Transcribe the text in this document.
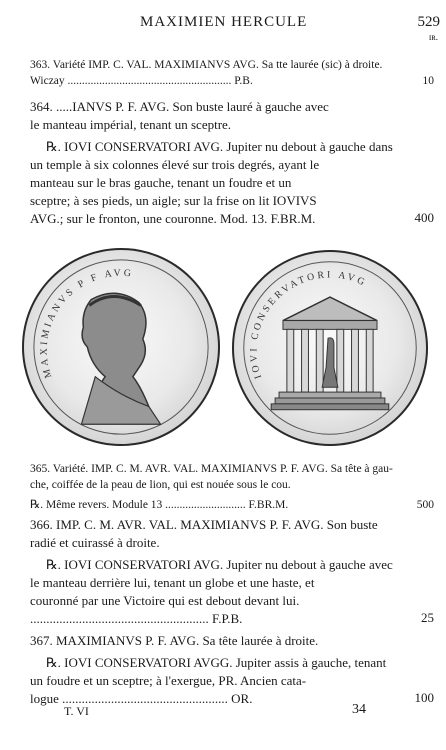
MAXIMIEN HERCULE	529
ɪʀ.
363. Variété IMP. C. VAL. MAXIMIANVS AVG. Sa tte laurée (sic) à droite.
Wiczay ......................................................... P.B.	10
364. .....IANVS P. F. AVG. Son buste lauré à gauche avec
le manteau impérial, tenant un sceptre.
℞. IOVI CONSERVATORI AVG. Jupiter nu debout à gauche dans
un temple à six colonnes élevé sur trois degrés, ayant le
manteau sur le bras gauche, tenant un foudre et un
sceptre; à ses pieds, un aigle; sur la frise on lit IOVIVS
AVG.; sur le fronton, une couronne. Mod. 13. F.BR.M.	400
MAXIMIANVS P F AVG
IOVI CONSERVATORI AVG
365. Variété. IMP. C. M. AVR. VAL. MAXIMIANVS P. F. AVG. Sa tête à gau-
che, coiffée de la peau de lion, qui est nouée sous le cou.
℞. Même revers. Module 13 ............................ F.BR.M.	500
366. IMP. C. M. AVR. VAL. MAXIMIANVS P. F. AVG. Son buste
radié et cuirassé à droite.
℞. IOVI CONSERVATORI AVG. Jupiter nu debout à gauche avec
le manteau derrière lui, tenant un globe et une haste, et
couronné par une Victoire qui est debout devant lui.
....................................................... F.P.B.	25
367. MAXIMIANVS P. F. AVG. Sa tête laurée à droite.
℞. IOVI CONSERVATORI AVGG. Jupiter assis à gauche, tenant
un foudre et un sceptre; à l'exergue, PR. Ancien cata-
logue ................................................... OR.	100
T. VI	34
